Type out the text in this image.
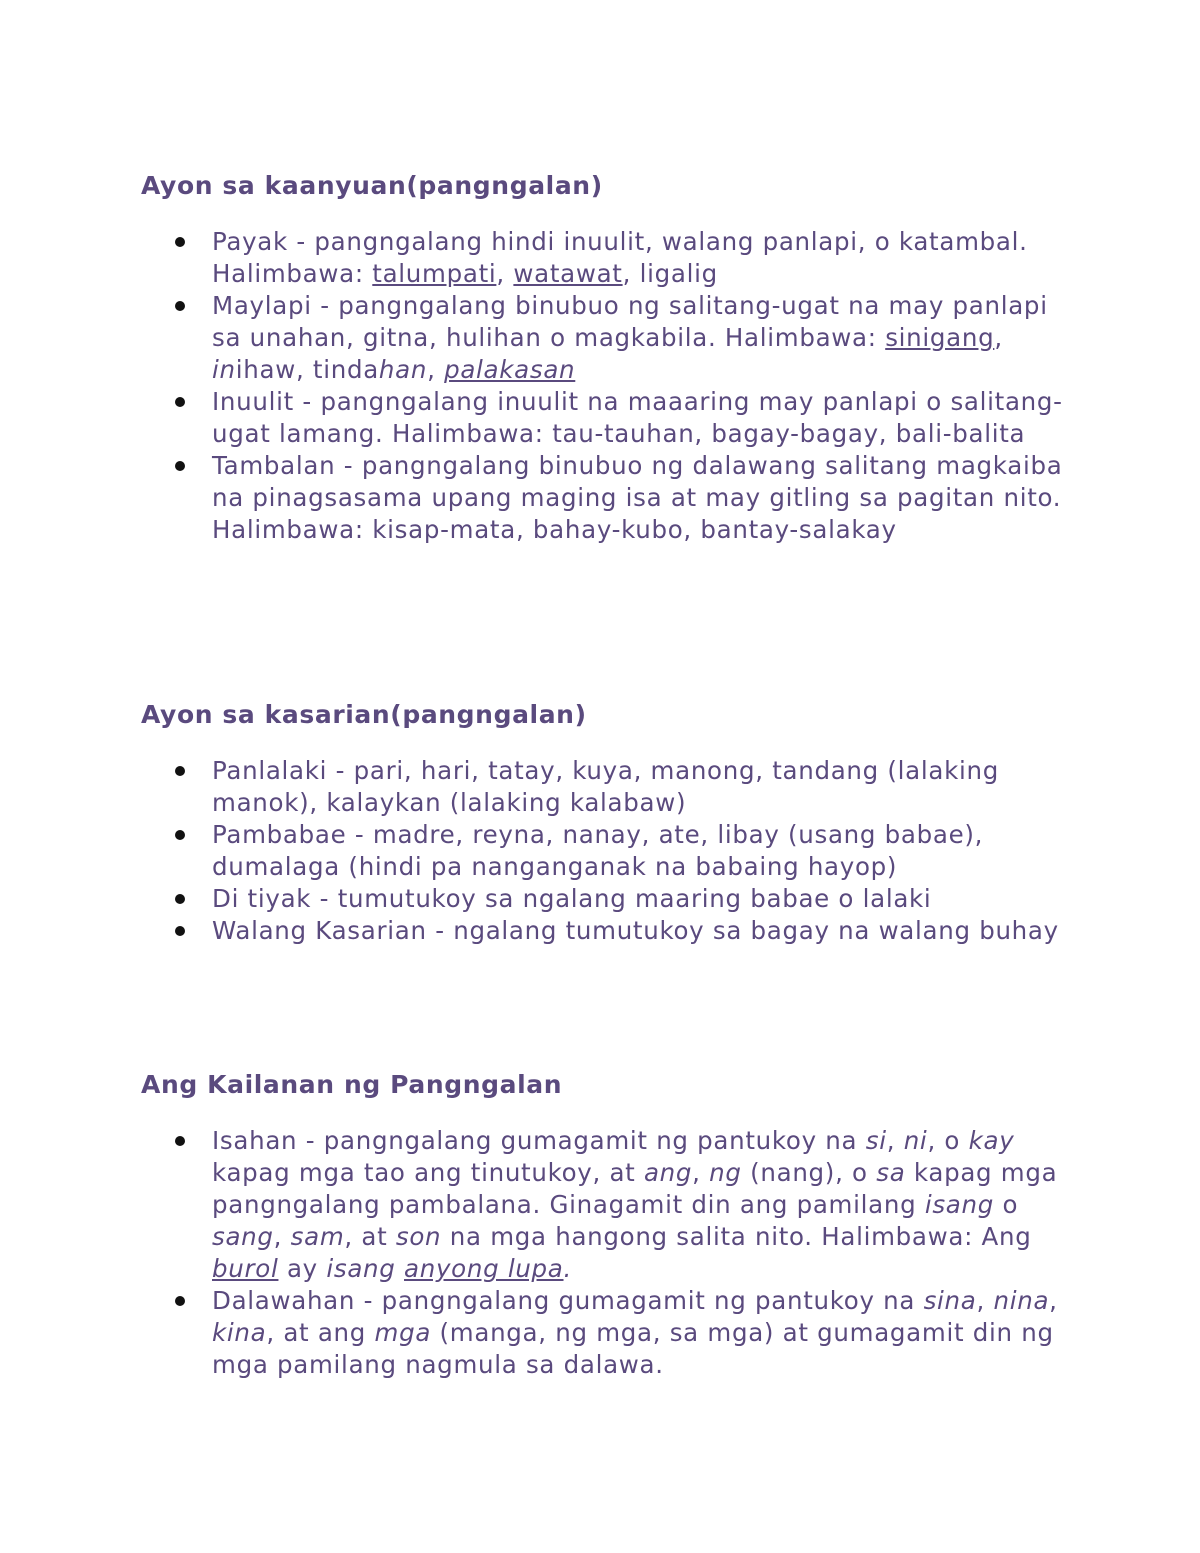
Ayon sa kaanyuan(pangngalan)
Payak - pangngalang hindi inuulit, walang panlapi, o katambal. Halimbawa: talumpati, watawat, ligalig
Maylapi - pangngalang binubuo ng salitang-ugat na may panlapi sa unahan, gitna, hulihan o magkabila. Halimbawa: sinigang, inihaw, tindahan, palakasan
Inuulit - pangngalang inuulit na maaaring may panlapi o salitang-ugat lamang. Halimbawa: tau-tauhan, bagay-bagay, bali-balita
Tambalan - pangngalang binubuo ng dalawang salitang magkaiba na pinagsasama upang maging isa at may gitling sa pagitan nito. Halimbawa: kisap-mata, bahay-kubo, bantay-salakay
Ayon sa kasarian(pangngalan)
Panlalaki - pari, hari, tatay, kuya, manong, tandang (lalaking manok), kalaykan (lalaking kalabaw)
Pambabae - madre, reyna, nanay, ate, libay (usang babae), dumalaga (hindi pa nanganganak na babaing hayop)
Di tiyak - tumutukoy sa ngalang maaring babae o lalaki
Walang Kasarian - ngalang tumutukoy sa bagay na walang buhay
Ang Kailanan ng Pangngalan
Isahan - pangngalang gumagamit ng pantukoy na si, ni, o kay kapag mga tao ang tinutukoy, at ang, ng (nang), o sa kapag mga pangngalang pambalana. Ginagamit din ang pamilang isang o sang, sam, at son na mga hangong salita nito. Halimbawa: Ang burol ay isang anyong lupa.
Dalawahan - pangngalang gumagamit ng pantukoy na sina, nina, kina, at ang mga (manga, ng mga, sa mga) at gumagamit din ng mga pamilang nagmula sa dalawa.
